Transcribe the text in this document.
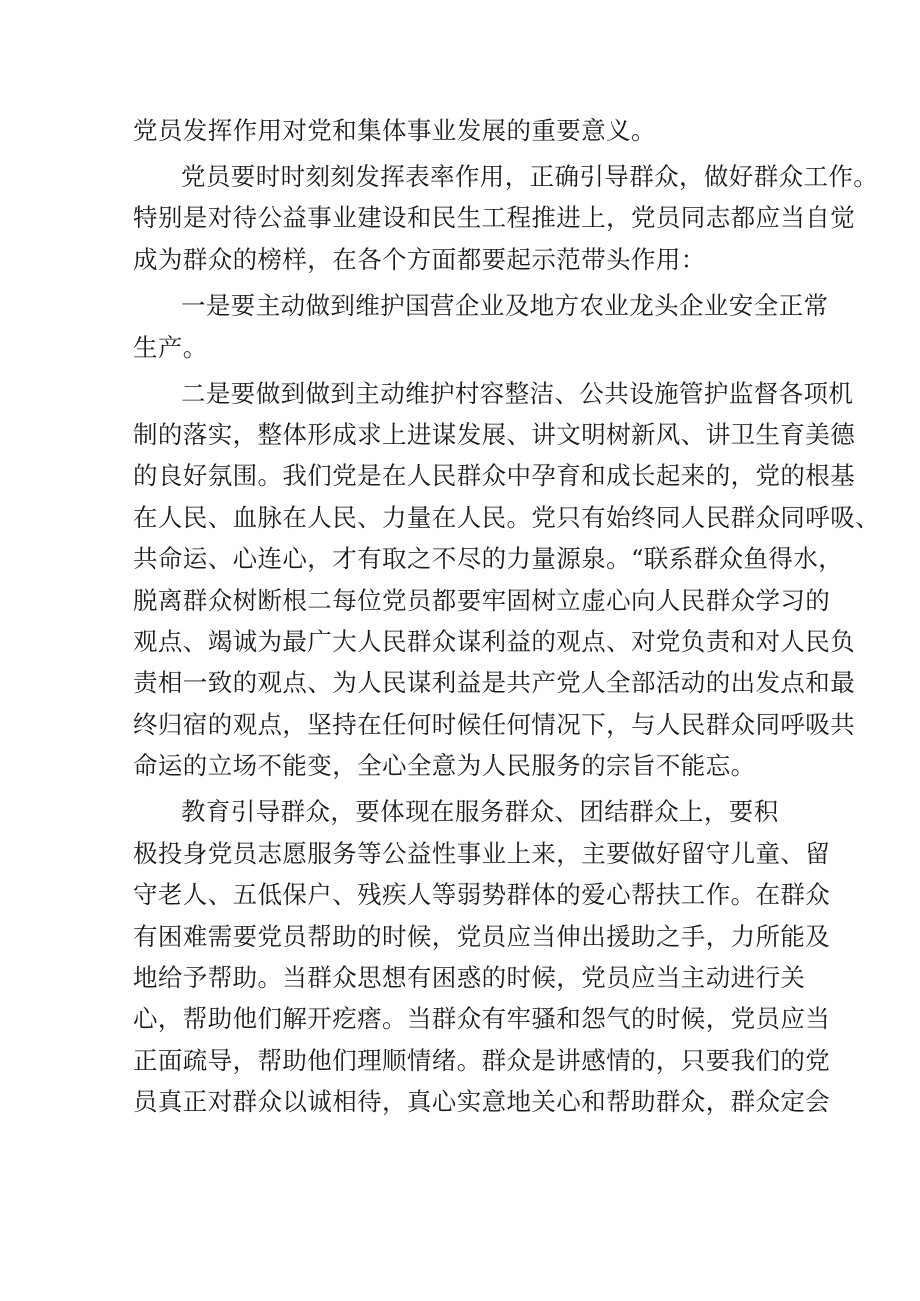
党员发挥作用对党和集体事业发展的重要意义。
党员要时时刻刻发挥表率作用，正确引导群众，做好群众工作。
特别是对待公益事业建设和民生工程推进上，党员同志都应当自觉
成为群众的榜样，在各个方面都要起示范带头作用：
一是要主动做到维护国营企业及地方农业龙头企业安全正常
生产。
二是要做到做到主动维护村容整洁、公共设施管护监督各项机
制的落实，整体形成求上进谋发展、讲文明树新风、讲卫生育美德
的良好氛围。我们党是在人民群众中孕育和成长起来的，党的根基
在人民、血脉在人民、力量在人民。党只有始终同人民群众同呼吸、
共命运、心连心，才有取之不尽的力量源泉。“联系群众鱼得水，
脱离群众树断根二每位党员都要牢固树立虚心向人民群众学习的
观点、竭诚为最广大人民群众谋利益的观点、对党负责和对人民负
责相一致的观点、为人民谋利益是共产党人全部活动的出发点和最
终归宿的观点，坚持在任何时候任何情况下，与人民群众同呼吸共
命运的立场不能变，全心全意为人民服务的宗旨不能忘。
教育引导群众，要体现在服务群众、团结群众上，要积
极投身党员志愿服务等公益性事业上来，主要做好留守儿童、留
守老人、五低保户、残疾人等弱势群体的爱心帮扶工作。在群众
有困难需要党员帮助的时候，党员应当伸出援助之手，力所能及
地给予帮助。当群众思想有困惑的时候，党员应当主动进行关
心，帮助他们解开疙瘩。当群众有牢骚和怨气的时候，党员应当
正面疏导，帮助他们理顺情绪。群众是讲感情的，只要我们的党
员真正对群众以诚相待，真心实意地关心和帮助群众，群众定会
